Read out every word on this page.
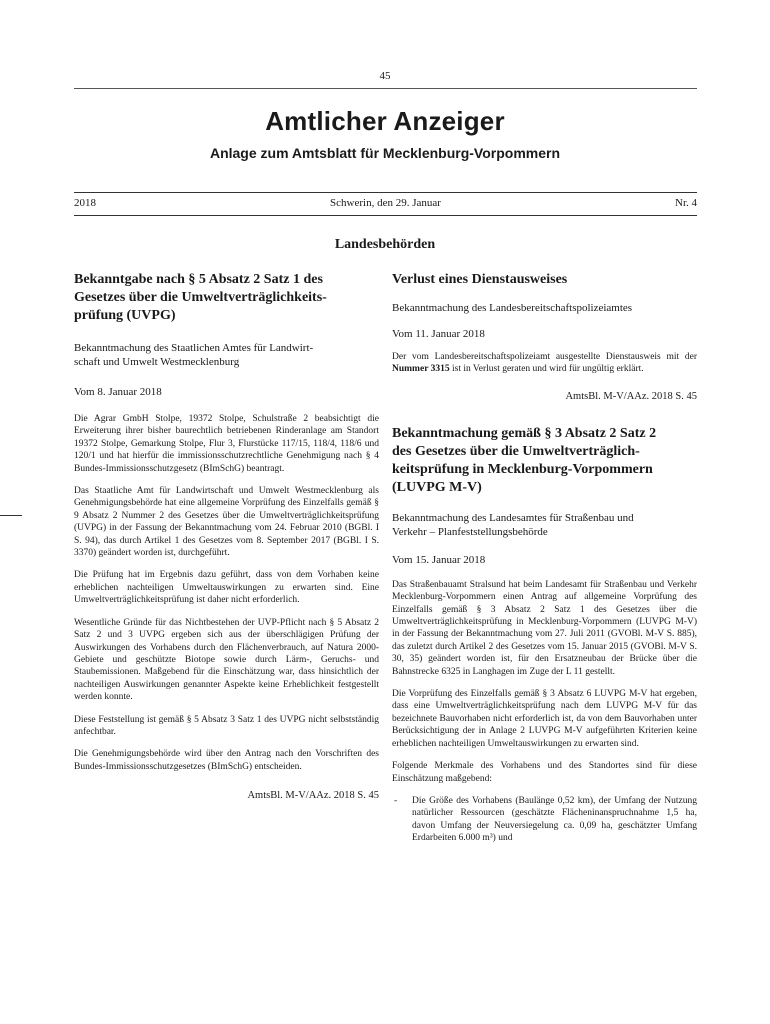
45
Amtlicher Anzeiger
Anlage zum Amtsblatt für Mecklenburg-Vorpommern
2018	Schwerin, den 29. Januar	Nr. 4
Landesbehörden
Bekanntgabe nach § 5 Absatz 2 Satz 1 des
Gesetzes über die Umweltverträglichkeits-
prüfung (UVPG)

Bekanntmachung des Staatlichen Amtes für Landwirt-
schaft und Umwelt Westmecklenburg

Vom 8. Januar 2018

Die Agrar GmbH Stolpe, 19372 Stolpe, Schulstraße 2 beabsichtigt die Erweiterung ihrer bisher baurechtlich betriebenen Rinderanlage am Standort 19372 Stolpe, Gemarkung Stolpe, Flur 3, Flurstücke 117/15, 118/4, 118/6 und 120/1 und hat hierfür die immissionsschutzrechtliche Genehmigung nach § 4 Bundes-Immissionsschutzgesetz (BImSchG) beantragt.

Das Staatliche Amt für Landwirtschaft und Umwelt Westmecklenburg als Genehmigungsbehörde hat eine allgemeine Vorprüfung des Einzelfalls gemäß § 9 Absatz 2 Nummer 2 des Gesetzes über die Umweltverträglichkeitsprüfung (UVPG) in der Fassung der Bekanntmachung vom 24. Februar 2010 (BGBl. I S. 94), das durch Artikel 1 des Gesetzes vom 8. September 2017 (BGBl. I S. 3370) geändert worden ist, durchgeführt.

Die Prüfung hat im Ergebnis dazu geführt, dass von dem Vorhaben keine erheblichen nachteiligen Umweltauswirkungen zu erwarten sind. Eine Umweltverträglichkeitsprüfung ist daher nicht erforderlich.

Wesentliche Gründe für das Nichtbestehen der UVP-Pflicht nach § 5 Absatz 2 Satz 2 und 3 UVPG ergeben sich aus der überschlägigen Prüfung der Auswirkungen des Vorhabens durch den Flächenverbrauch, auf Natura 2000-Gebiete und geschützte Biotope sowie durch Lärm-, Geruchs- und Staubemissionen. Maßgebend für die Einschätzung war, dass hinsichtlich der nachteiligen Auswirkungen genannter Aspekte keine Erheblichkeit festgestellt werden konnte.

Diese Feststellung ist gemäß § 5 Absatz 3 Satz 1 des UVPG nicht selbstständig anfechtbar.

Die Genehmigungsbehörde wird über den Antrag nach den Vorschriften des Bundes-Immissionsschutzgesetzes (BImSchG) entscheiden.

AmtsBl. M-V/AAz. 2018 S. 45

Verlust eines Dienstausweises

Bekanntmachung des Landesbereitschaftspolizeiamtes

Vom 11. Januar 2018

Der vom Landesbereitschaftspolizeiamt ausgestellte Dienstausweis mit der Nummer 3315 ist in Verlust geraten und wird für ungültig erklärt.

AmtsBl. M-V/AAz. 2018 S. 45

Bekanntmachung gemäß § 3 Absatz 2 Satz 2
des Gesetzes über die Umweltverträglich-
keitsprüfung in Mecklenburg-Vorpommern
(LUVPG M-V)

Bekanntmachung des Landesamtes für Straßenbau und
Verkehr – Planfeststellungsbehörde

Vom 15. Januar 2018

Das Straßenbauamt Stralsund hat beim Landesamt für Straßenbau und Verkehr Mecklenburg-Vorpommern einen Antrag auf allgemeine Vorprüfung des Einzelfalls gemäß § 3 Absatz 2 Satz 1 des Gesetzes über die Umweltverträglichkeitsprüfung in Mecklenburg-Vorpommern (LUVPG M-V) in der Fassung der Bekanntmachung vom 27. Juli 2011 (GVOBl. M-V S. 885), das zuletzt durch Artikel 2 des Gesetzes vom 15. Januar 2015 (GVOBl. M-V S. 30, 35) geändert worden ist, für den Ersatzneubau der Brücke über die Bahnstrecke 6325 in Langhagen im Zuge der L 11 gestellt.

Die Vorprüfung des Einzelfalls gemäß § 3 Absatz 6 LUVPG M-V hat ergeben, dass eine Umweltverträglichkeitsprüfung nach dem LUVPG M-V für das bezeichnete Bauvorhaben nicht erforderlich ist, da von dem Bauvorhaben unter Berücksichtigung der in Anlage 2 LUVPG M-V aufgeführten Kriterien keine erheblichen nachteiligen Umweltauswirkungen zu erwarten sind.

Folgende Merkmale des Vorhabens und des Standortes sind für diese Einschätzung maßgebend:

- Die Größe des Vorhabens (Baulänge 0,52 km), der Umfang der Nutzung natürlicher Ressourcen (geschätzte Flächeninanspruchnahme 1,5 ha, davon Umfang der Neuversiegelung ca. 0,09 ha, geschätzter Umfang Erdarbeiten 6.000 m³) und
